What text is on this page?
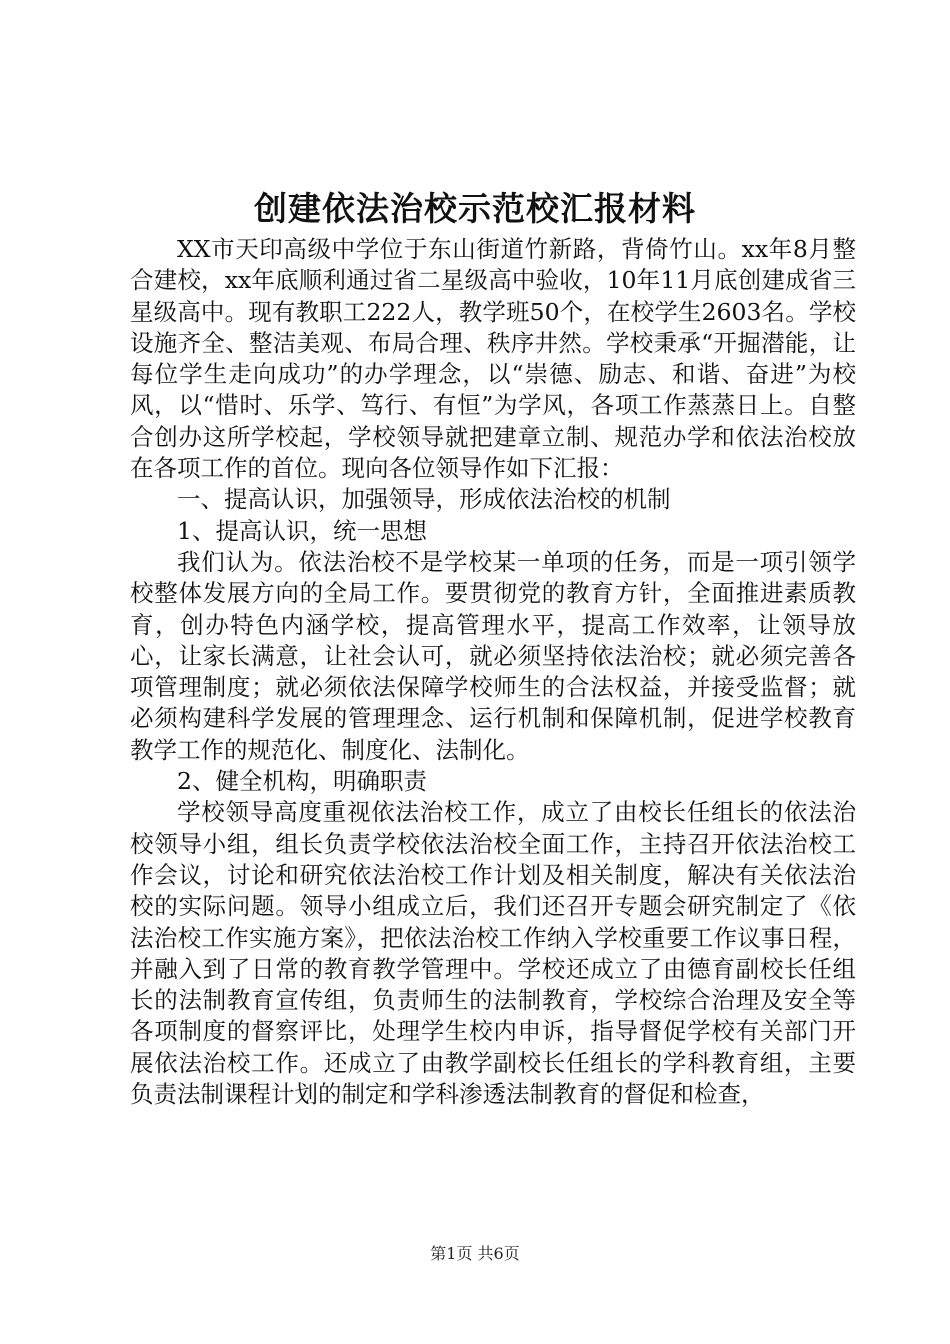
创建依法治校示范校汇报材料

XX市天印高级中学位于东山街道竹新路，背倚竹山。xx年8月整合建校，xx年底顺利通过省二星级高中验收，10年11月底创建成省三星级高中。现有教职工222人，教学班50个，在校学生2603名。学校设施齐全、整洁美观、布局合理、秩序井然。学校秉承“开掘潜能，让每位学生走向成功”的办学理念，以“崇德、励志、和谐、奋进”为校风，以“惜时、乐学、笃行、有恒”为学风，各项工作蒸蒸日上。自整合创办这所学校起，学校领导就把建章立制、规范办学和依法治校放在各项工作的首位。现向各位领导作如下汇报：

一、提高认识，加强领导，形成依法治校的机制

1、提高认识，统一思想

我们认为。依法治校不是学校某一单项的任务，而是一项引领学校整体发展方向的全局工作。要贯彻党的教育方针，全面推进素质教育，创办特色内涵学校，提高管理水平，提高工作效率，让领导放心，让家长满意，让社会认可，就必须坚持依法治校；就必须完善各项管理制度；就必须依法保障学校师生的合法权益，并接受监督；就必须构建科学发展的管理理念、运行机制和保障机制，促进学校教育教学工作的规范化、制度化、法制化。

2、健全机构，明确职责

学校领导高度重视依法治校工作，成立了由校长任组长的依法治校领导小组，组长负责学校依法治校全面工作，主持召开依法治校工作会议，讨论和研究依法治校工作计划及相关制度，解决有关依法治校的实际问题。领导小组成立后，我们还召开专题会研究制定了《依法治校工作实施方案》，把依法治校工作纳入学校重要工作议事日程，并融入到了日常的教育教学管理中。学校还成立了由德育副校长任组长的法制教育宣传组，负责师生的法制教育，学校综合治理及安全等各项制度的督察评比，处理学生校内申诉，指导督促学校有关部门开展依法治校工作。还成立了由教学副校长任组长的学科教育组，主要负责法制课程计划的制定和学科渗透法制教育的督促和检查，

第1页 共6页
